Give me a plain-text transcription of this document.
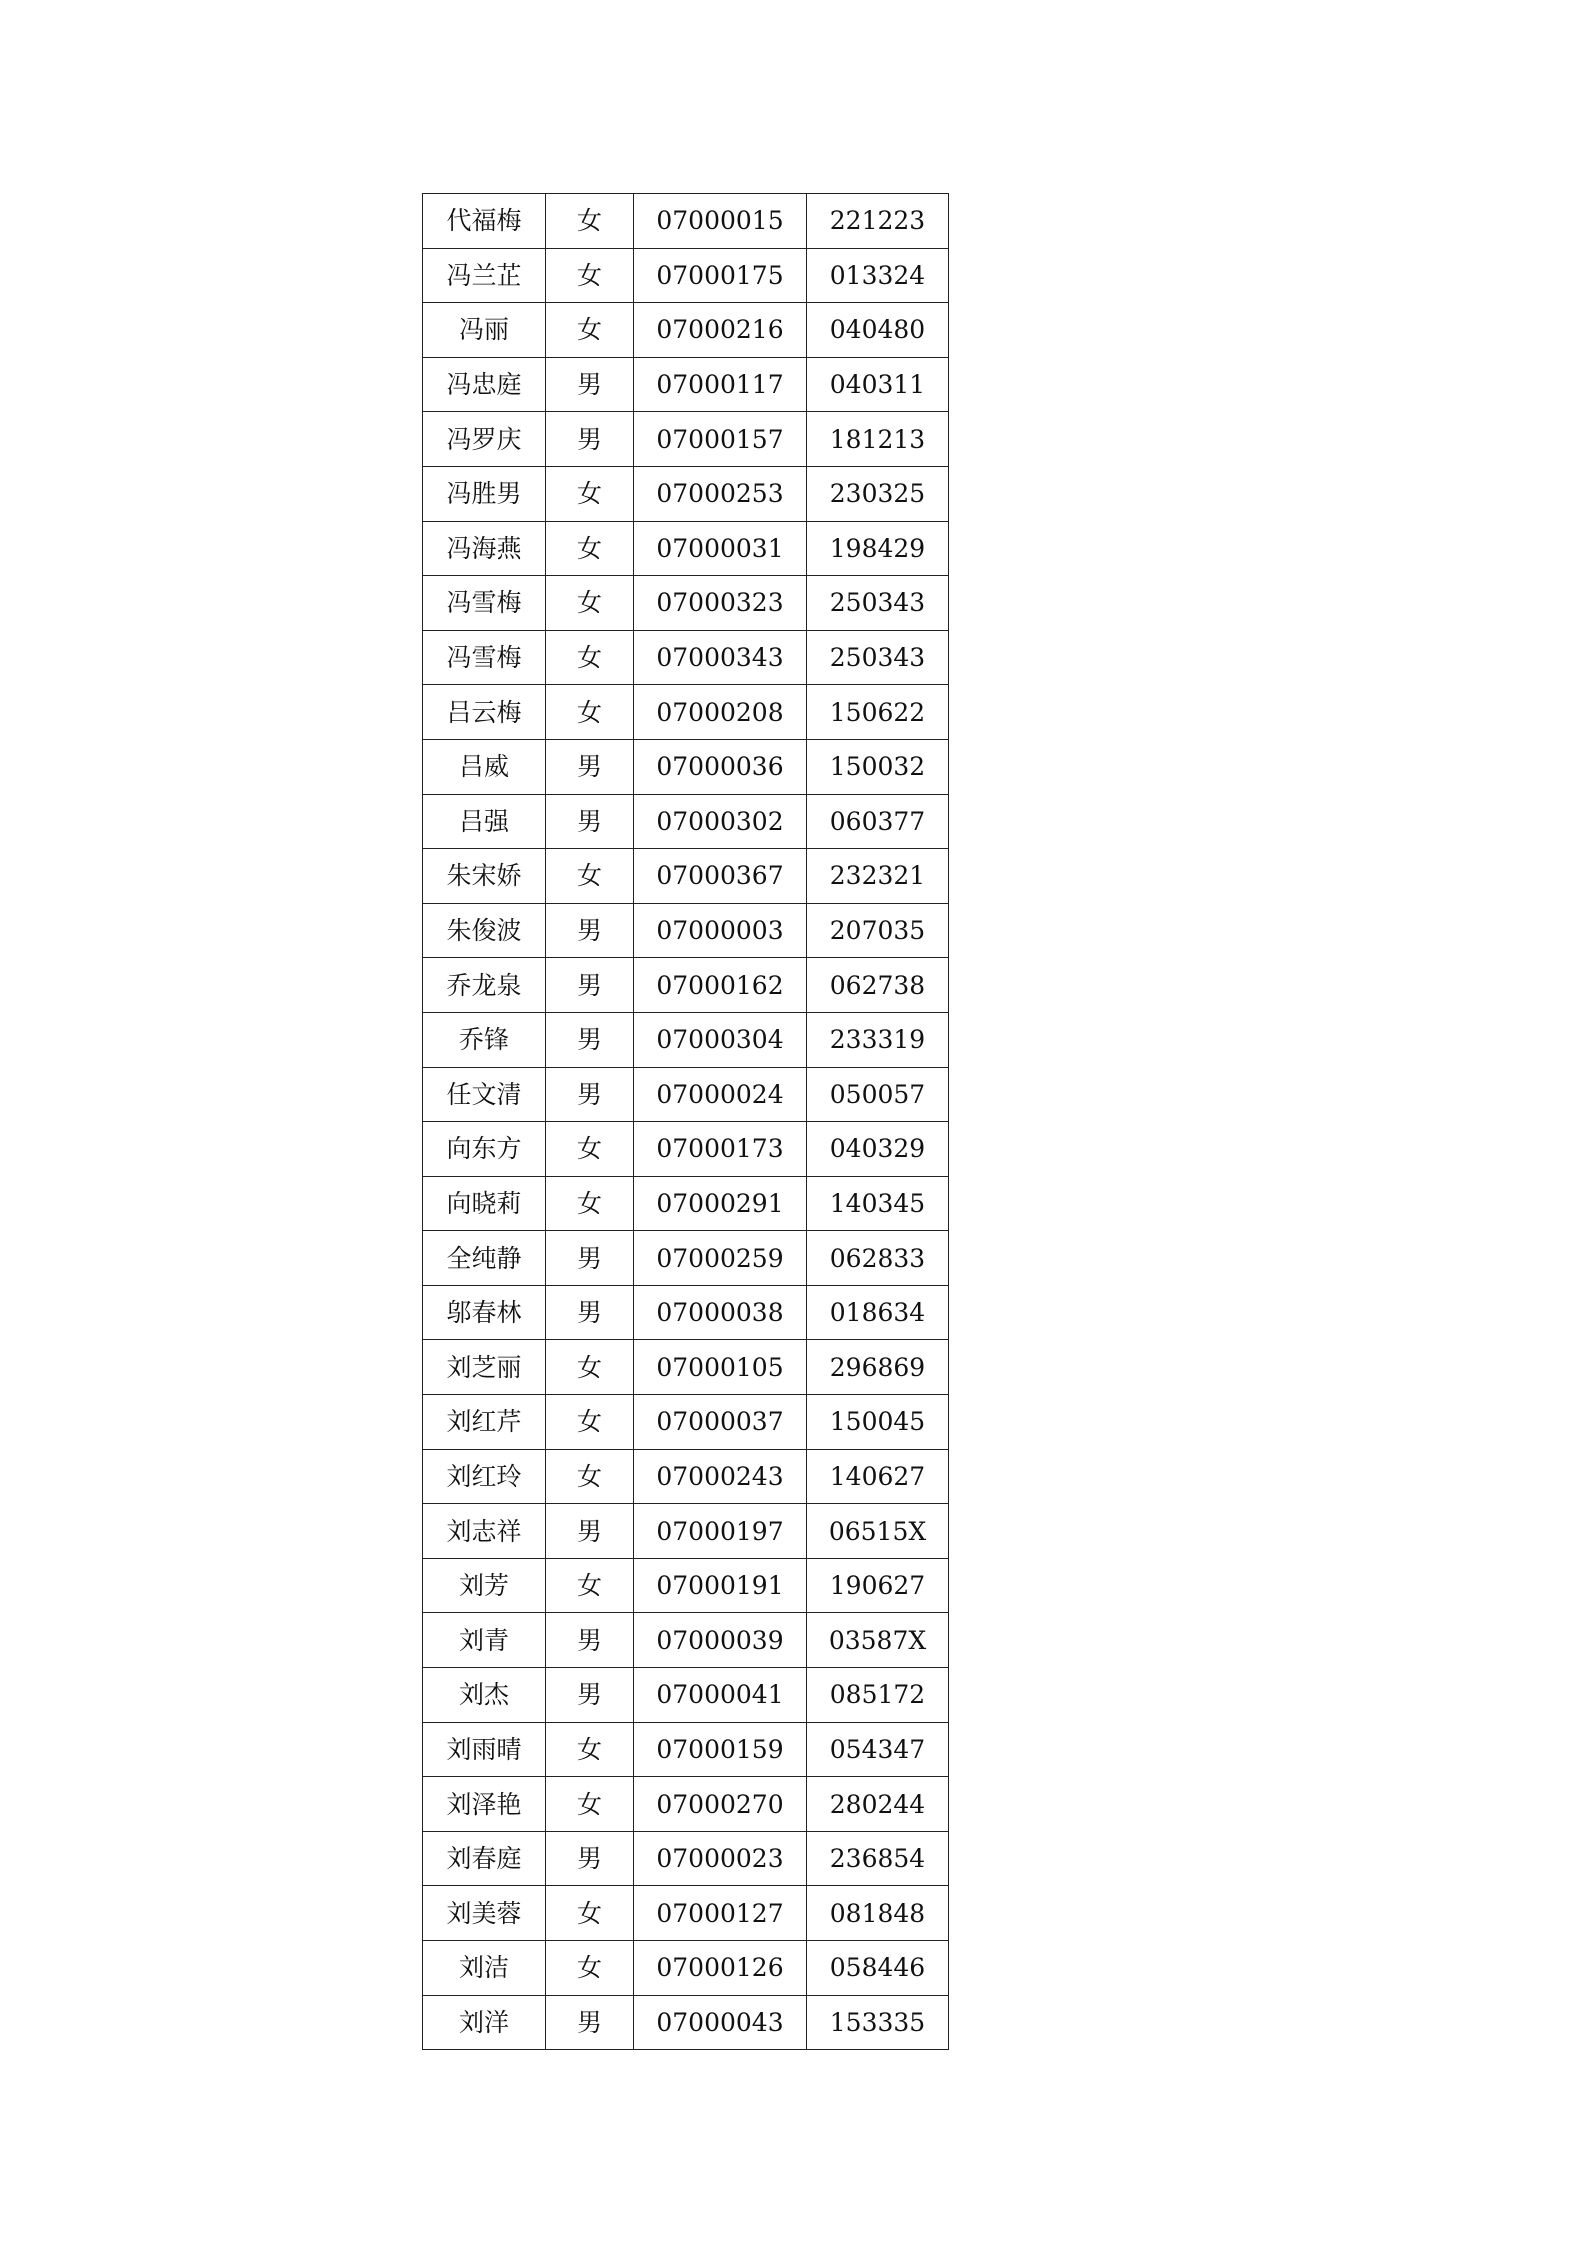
代福梅	女	07000015	221223
冯兰芷	女	07000175	013324
冯丽	女	07000216	040480
冯忠庭	男	07000117	040311
冯罗庆	男	07000157	181213
冯胜男	女	07000253	230325
冯海燕	女	07000031	198429
冯雪梅	女	07000323	250343
冯雪梅	女	07000343	250343
吕云梅	女	07000208	150622
吕威	男	07000036	150032
吕强	男	07000302	060377
朱宋娇	女	07000367	232321
朱俊波	男	07000003	207035
乔龙泉	男	07000162	062738
乔锋	男	07000304	233319
任文清	男	07000024	050057
向东方	女	07000173	040329
向晓莉	女	07000291	140345
全纯静	男	07000259	062833
邬春林	男	07000038	018634
刘芝丽	女	07000105	296869
刘红芹	女	07000037	150045
刘红玲	女	07000243	140627
刘志祥	男	07000197	06515X
刘芳	女	07000191	190627
刘青	男	07000039	03587X
刘杰	男	07000041	085172
刘雨晴	女	07000159	054347
刘泽艳	女	07000270	280244
刘春庭	男	07000023	236854
刘美蓉	女	07000127	081848
刘洁	女	07000126	058446
刘洋	男	07000043	153335
